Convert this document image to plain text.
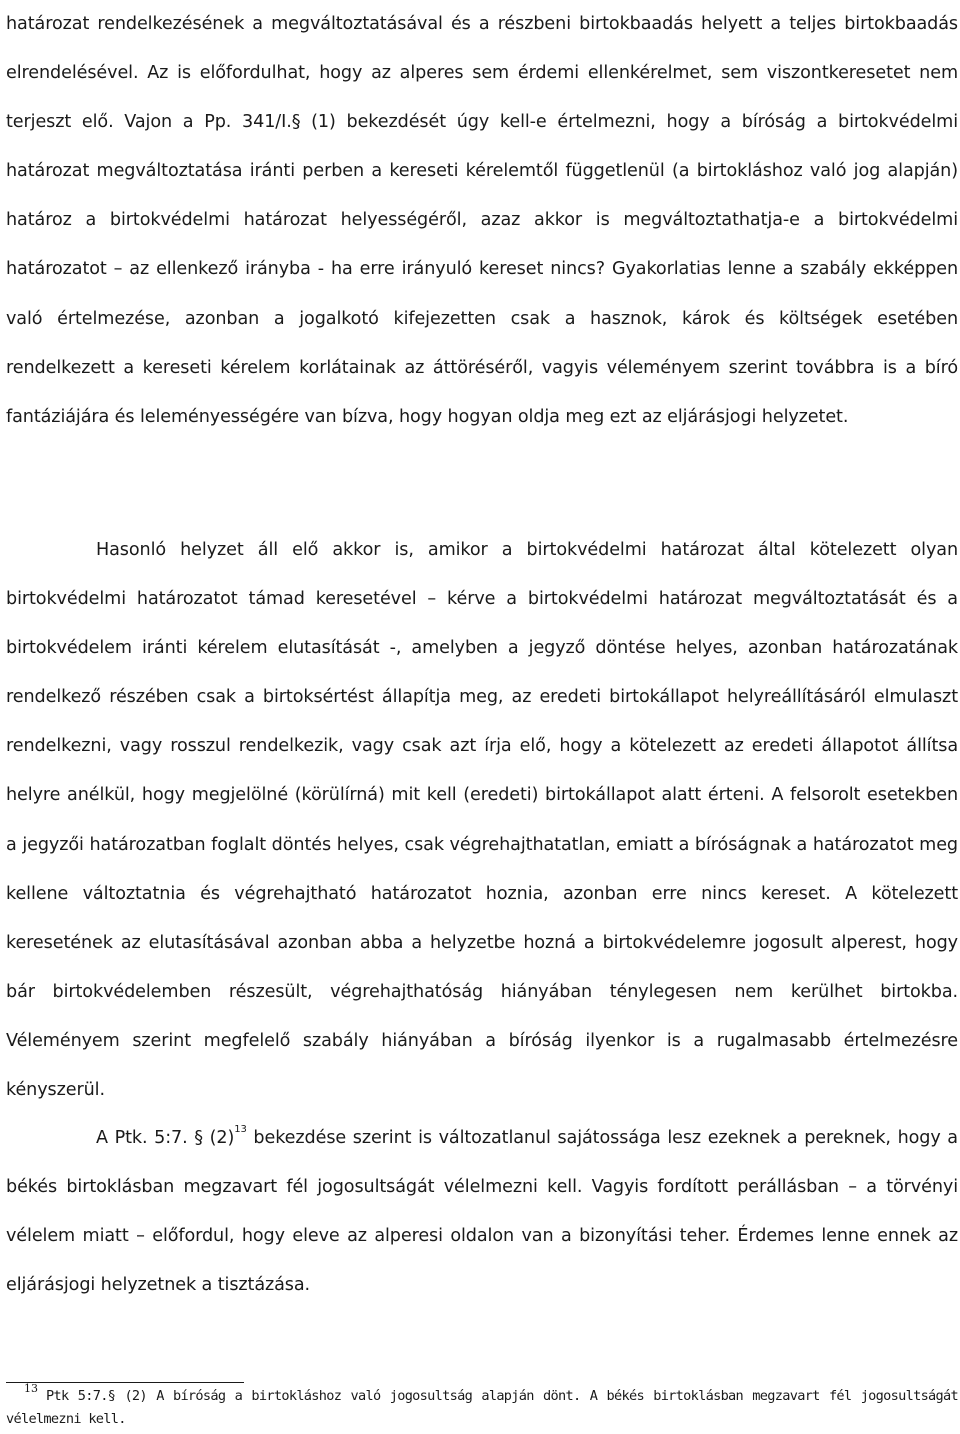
határozat rendelkezésének a megváltoztatásával és a részbeni birtokbaadás helyett a teljes birtokbaadás elrendelésével. Az is előfordulhat, hogy az alperes sem érdemi ellenkérelmet, sem viszontkeresetet nem terjeszt elő. Vajon a Pp. 341/I.§ (1) bekezdését úgy kell-e értelmezni, hogy a bíróság a birtokvédelmi határozat megváltoztatása iránti perben a kereseti kérelemtől függetlenül (a birtokláshoz való jog alapján) határoz a birtokvédelmi határozat helyességéről, azaz akkor is megváltoztathatja-e a birtokvédelmi határozatot – az ellenkező irányba - ha erre irányuló kereset nincs? Gyakorlatias lenne a szabály ekképpen való értelmezése, azonban a jogalkotó kifejezetten csak a hasznok, károk és költségek esetében rendelkezett a kereseti kérelem korlátainak az áttöréséről, vagyis véleményem szerint továbbra is a bíró fantáziájára és leleményességére van bízva, hogy hogyan oldja meg ezt az eljárásjogi helyzetet.

Hasonló helyzet áll elő akkor is, amikor a birtokvédelmi határozat által kötelezett olyan birtokvédelmi határozatot támad keresetével – kérve a birtokvédelmi határozat megváltoztatását és a birtokvédelem iránti kérelem elutasítását -, amelyben a jegyző döntése helyes, azonban határozatának rendelkező részében csak a birtoksértést állapítja meg, az eredeti birtokállapot helyreállításáról elmulaszt rendelkezni, vagy rosszul rendelkezik, vagy csak azt írja elő, hogy a kötelezett az eredeti állapotot állítsa helyre anélkül, hogy megjelölné (körülírná) mit kell (eredeti) birtokállapot alatt érteni. A felsorolt esetekben a jegyzői határozatban foglalt döntés helyes, csak végrehajthatatlan, emiatt a bíróságnak a határozatot meg kellene változtatnia és végrehajtható határozatot hoznia, azonban erre nincs kereset. A kötelezett keresetének az elutasításával azonban abba a helyzetbe hozná a birtokvédelemre jogosult alperest, hogy bár birtokvédelemben részesült, végrehajthatóság hiányában ténylegesen nem kerülhet birtokba. Véleményem szerint megfelelő szabály hiányában a bíróság ilyenkor is a rugalmasabb értelmezésre kényszerül.

A Ptk. 5:7. § (2)$^{13}$ bekezdése szerint is változatlanul sajátossága lesz ezeknek a pereknek, hogy a békés birtoklásban megzavart fél jogosultságát vélelmezni kell. Vagyis fordított perállásban – a törvényi vélelem miatt – előfordul, hogy eleve az alperesi oldalon van a bizonyítási teher. Érdemes lenne ennek az eljárásjogi helyzetnek a tisztázása.

$^{13}$ Ptk 5:7.§ (2) A bíróság a birtokláshoz való jogosultság alapján dönt. A békés birtoklásban megzavart fél jogosultságát vélelmezni kell.
